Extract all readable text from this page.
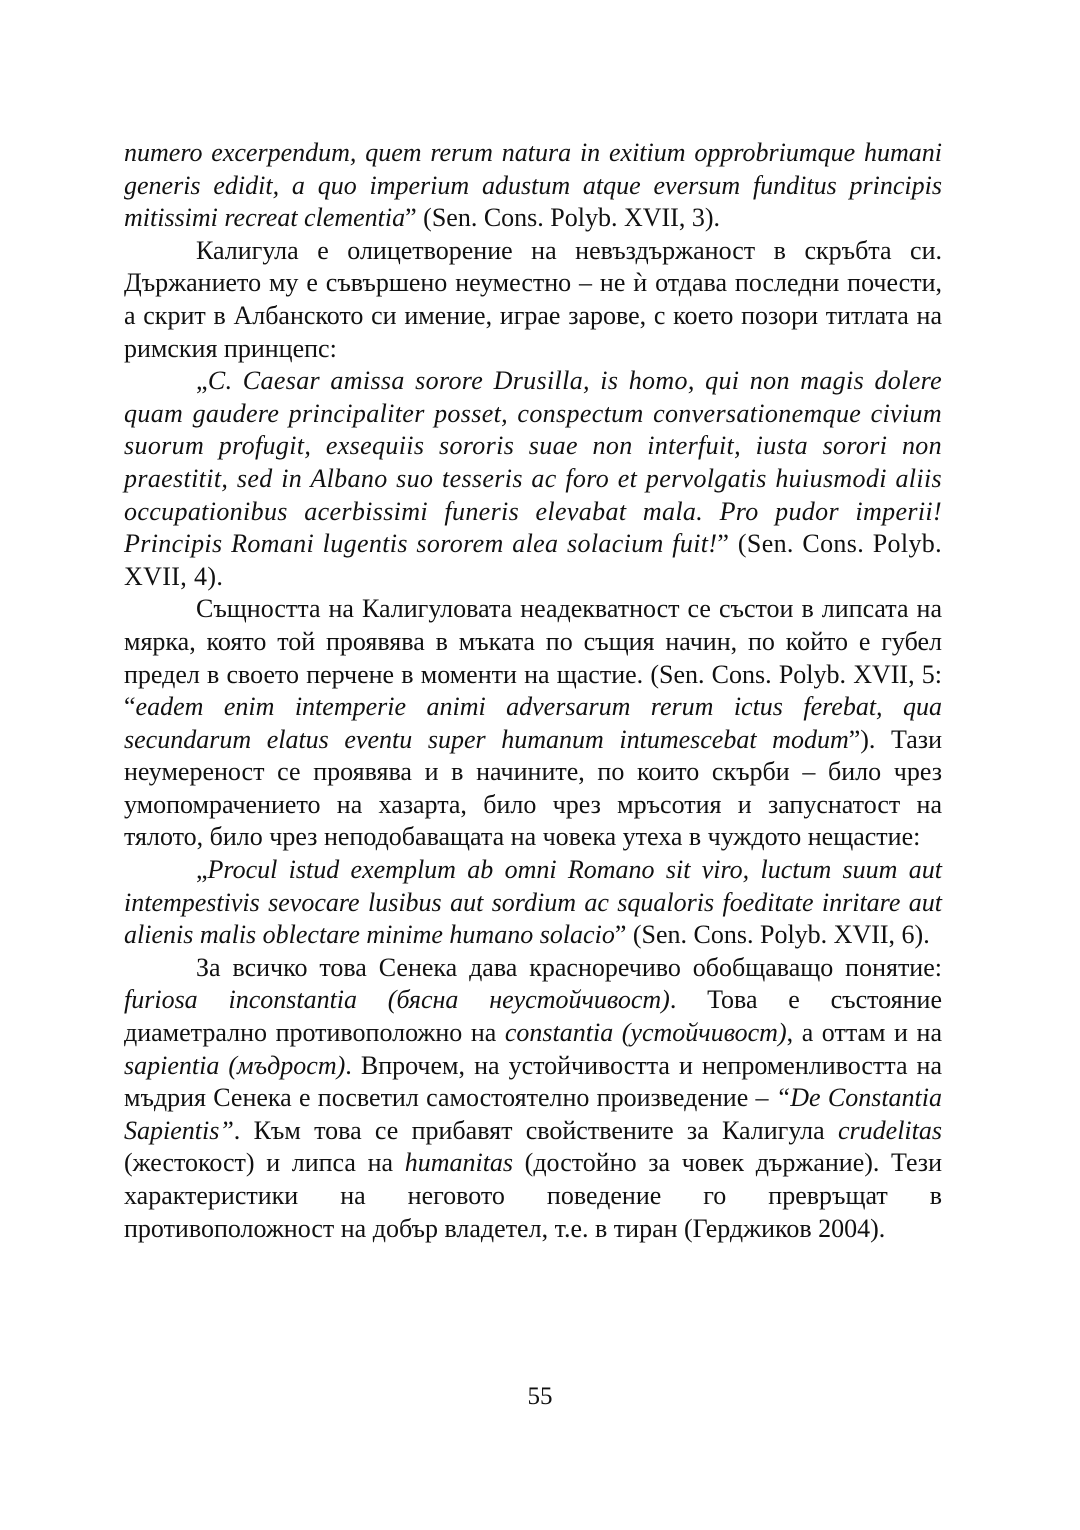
numero excerpendum, quem rerum natura in exitium opprobriumque humani generis edidit, a quo imperium adustum atque eversum funditus principis mitissimi recreat clementia” (Sen. Cons. Polyb. XVII, 3).

Калигула е олицетворение на невъздържаност в скръбта си. Държанието му е съвършено неуместно – не ѝ отдава последни почести, а скрит в Албанското си имение, играе зарове, с което позори титлата на римския принцепс:

„C. Caesar amissa sorore Drusilla, is homo, qui non magis dolere quam gaudere principaliter posset, conspectum conversationemque civium suorum profugit, exsequiis sororis suae non interfuit, iusta sorori non praestitit, sed in Albano suo tesseris ac foro et pervolgatis huiusmodi aliis occupationibus acerbissimi funeris elevabat mala. Pro pudor imperii! Principis Romani lugentis sororem alea solacium fuit!” (Sen. Cons. Polyb. XVII, 4).

Същността на Калигуловата неадекватност се състои в липсата на мярка, която той проявява в мъката по същия начин, по който е губел предел в своето перчене в моменти на щастие. (Sen. Cons. Polyb. XVII, 5: “eadem enim intemperie animi adversarum rerum ictus ferebat, qua secundarum elatus eventu super humanum intumescebat modum”). Тази неумереност се проявява и в начините, по които скърби – било чрез умопомрачението на хазарта, било чрез мръсотия и запуснатост на тялото, било чрез неподобаващата на човека утеха в чуждото нещастие:

„Procul istud exemplum ab omni Romano sit viro, luctum suum aut intempestivis sevocare lusibus aut sordium ac squaloris foeditate inritare aut alienis malis oblectare minime humano solacio” (Sen. Cons. Polyb. XVII, 6).

За всичко това Сенека дава красноречиво обобщаващо понятие: furiosa inconstantia (бясна неустойчивост). Това е състояние диаметрално противоположно на constantia (устойчивост), а оттам и на sapientia (мъдрост). Впрочем, на устойчивостта и непроменливостта на мъдрия Сенека е посветил самостоятелно произведение – “De Constantia Sapientis”. Към това се прибавят свойствените за Калигула crudelitas (жестокост) и липса на humanitas (достойно за човек държание). Тези характеристики на неговото поведение го превръщат в противоположност на добър владетел, т.е. в тиран (Герджиков 2004).

55
